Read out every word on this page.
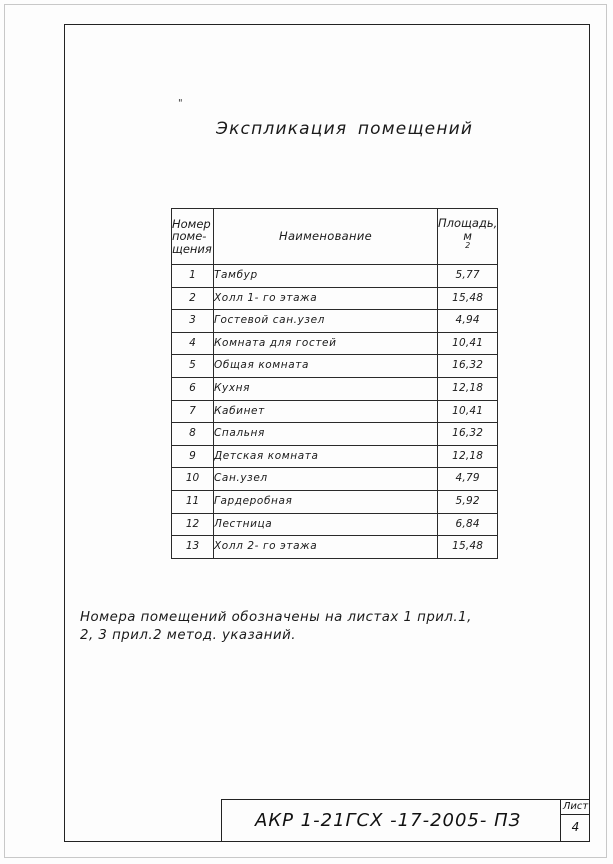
"
Экспликация помещений
Номер
поме-
щения	Наименование	Площадь,
м
$^2$

1	Тамбур	5,77
2	Холл 1- го этажа	15,48
3	Гостевой сан.узел	4,94
4	Комната для гостей	10,41
5	Общая комната	16,32
6	Кухня	12,18
7	Кабинет	10,41
8	Спальня	16,32
9	Детская комната	12,18
10	Сан.узел	4,79
11	Гардеробная	5,92
12	Лестница	6,84
13	Холл 2- го этажа	15,48
Номера помещений обозначены на листах 1 прил.1,
2, 3 прил.2 метод. указаний.
АКР 1-21ГСХ -17-2005- ПЗ
Лист
4
